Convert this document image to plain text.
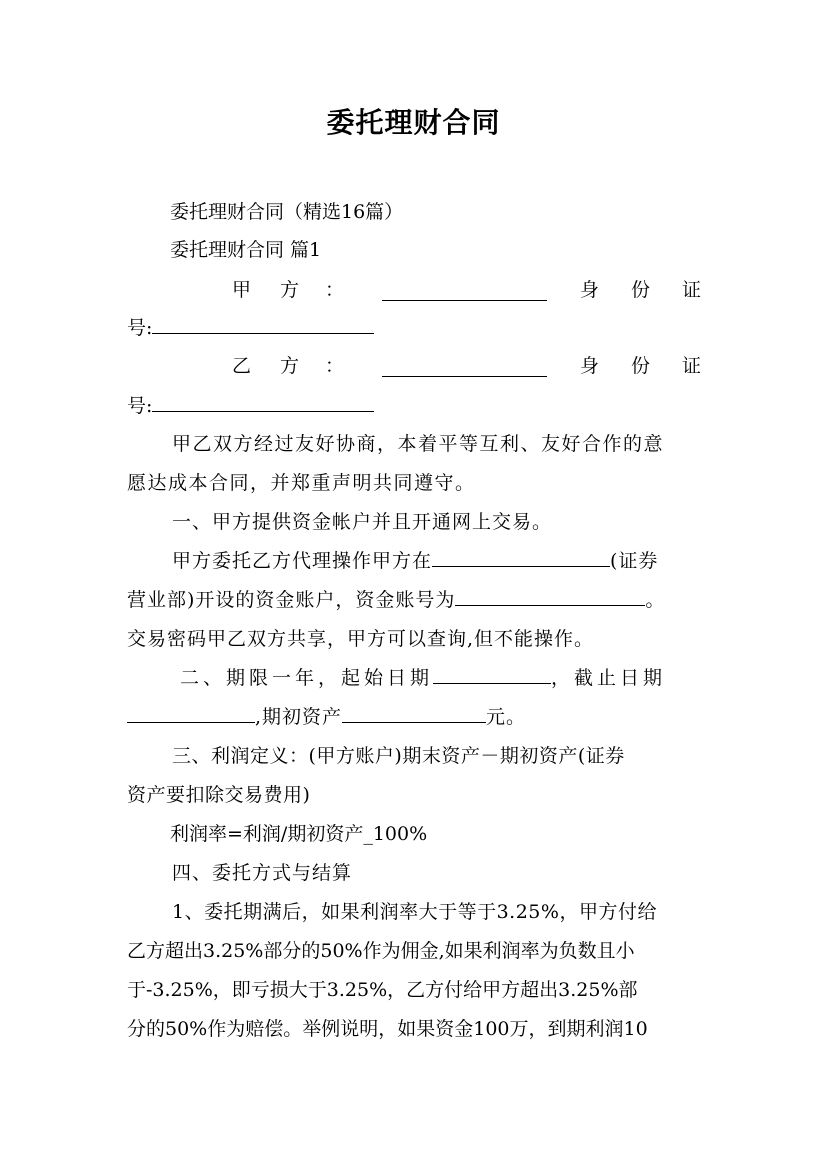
委托理财合同
委托理财合同（精选16篇）
委托理财合同 篇1
甲 方 ：	身 份 证
号:
乙 方 ：	身 份 证
号:
甲乙双方经过友好协商，本着平等互利、友好合作的意
愿达成本合同，并郑重声明共同遵守。
一、甲方提供资金帐户并且开通网上交易。
甲方委托乙方代理操作甲方在	(证券
营业部)开设的资金账户，资金账号为	。
交易密码甲乙双方共享，甲方可以查询,但不能操作。
二、期限一年，起始日期	，截止日期
,期初资产	元。
三、利润定义：(甲方账户)期末资产－期初资产(证券
资产要扣除交易费用)
利润率=利润/期初资产_100%
四、委托方式与结算
1、委托期满后，如果利润率大于等于3.25%，甲方付给
乙方超出3.25%部分的50%作为佣金,如果利润率为负数且小
于-3.25%，即亏损大于3.25%，乙方付给甲方超出3.25%部
分的50%作为赔偿。举例说明，如果资金100万，到期利润10
